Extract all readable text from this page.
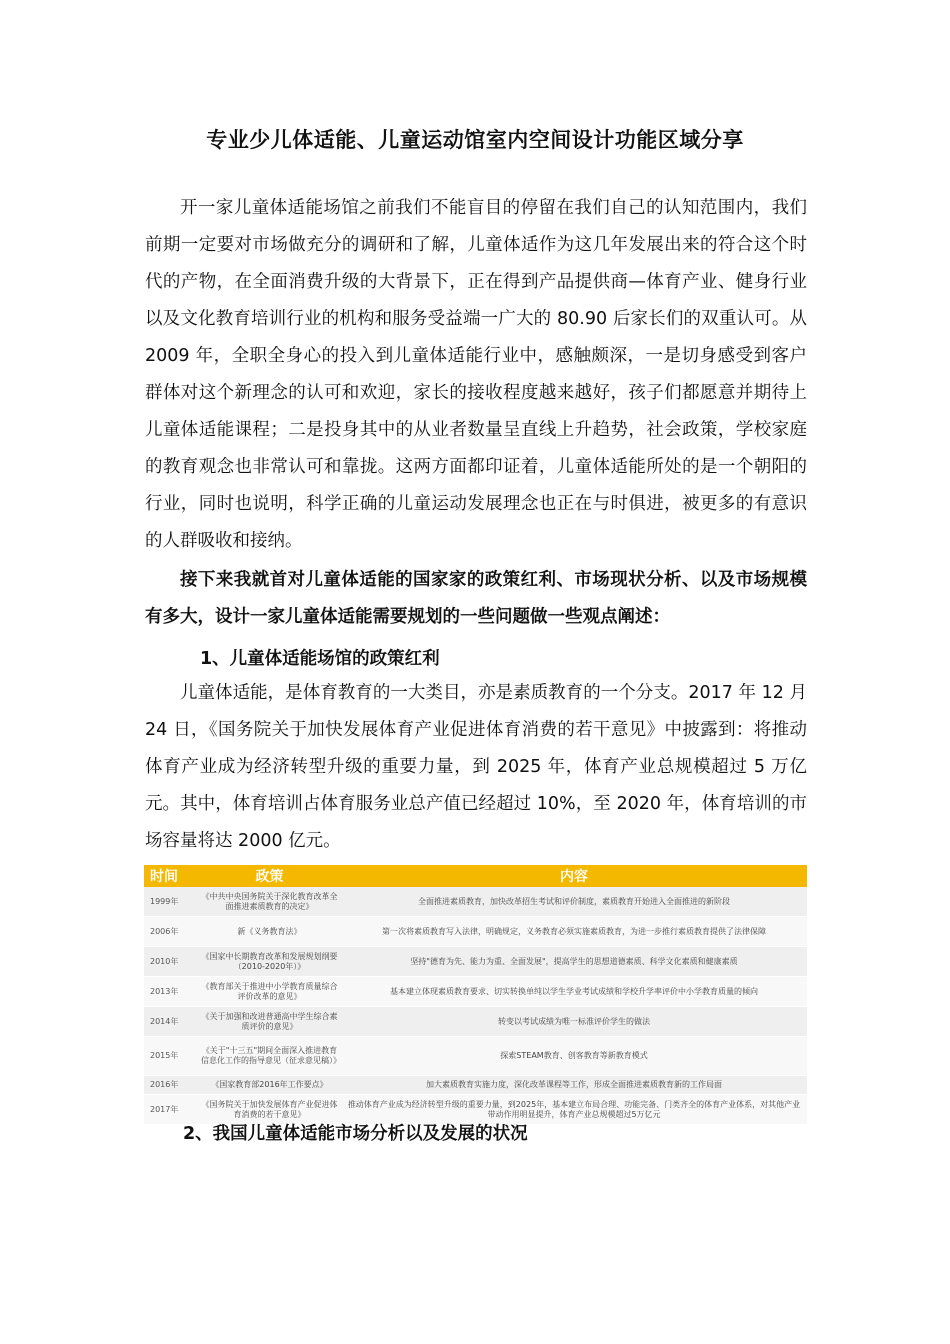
专业少儿体适能、儿童运动馆室内空间设计功能区域分享

开一家儿童体适能场馆之前我们不能盲目的停留在我们自己的认知范围内，我们前期一定要对市场做充分的调研和了解，儿童体适作为这几年发展出来的符合这个时代的产物，在全面消费升级的大背景下，正在得到产品提供商—体育产业、健身行业以及文化教育培训行业的机构和服务受益端一广大的 80.90 后家长们的双重认可。从 2009 年，全职全身心的投入到儿童体适能行业中，感触颇深，一是切身感受到客户群体对这个新理念的认可和欢迎，家长的接收程度越来越好，孩子们都愿意并期待上儿童体适能课程；二是投身其中的从业者数量呈直线上升趋势，社会政策，学校家庭的教育观念也非常认可和靠拢。这两方面都印证着，儿童体适能所处的是一个朝阳的行业，同时也说明，科学正确的儿童运动发展理念也正在与时俱进，被更多的有意识的人群吸收和接纳。

接下来我就首对儿童体适能的国家家的政策红利、市场现状分析、以及市场规模有多大，设计一家儿童体适能需要规划的一些问题做一些观点阐述：

1、儿童体适能场馆的政策红利

儿童体适能，是体育教育的一大类目，亦是素质教育的一个分支。2017 年 12 月 24 日，《国务院关于加快发展体育产业促进体育消费的若干意见》中披露到：将推动体育产业成为经济转型升级的重要力量，到 2025 年，体育产业总规模超过 5 万亿元。其中，体育培训占体育服务业总产值已经超过 10%，至 2020 年，体育培训的市场容量将达 2000 亿元。

时间	政策	内容
1999年	《中共中央国务院关于深化教育改革全面推进素质教育的决定》	全面推进素质教育，加快改革招生考试和评价制度，素质教育开始进入全面推进的新阶段
2006年	新《义务教育法》	第一次将素质教育写入法律，明确规定，义务教育必须实施素质教育，为进一步推行素质教育提供了法律保障
2010年	《国家中长期教育改革和发展规划纲要（2010-2020年）》	坚持"德育为先、能力为重、全面发展"，提高学生的思想道德素质、科学文化素质和健康素质
2013年	《教育部关于推进中小学教育质量综合评价改革的意见》	基本建立体现素质教育要求、切实转换单纯以学生学业考试成绩和学校升学率评价中小学教育质量的倾向
2014年	《关于加强和改进普通高中学生综合素质评价的意见》	转变以考试成绩为唯一标准评价学生的做法
2015年	《关于"十三五"期间全面深入推进教育信息化工作的指导意见（征求意见稿）》	探索STEAM教育、创客教育等新教育模式
2016年	《国家教育部2016年工作要点》	加大素质教育实施力度，深化改革课程等工作，形成全面推进素质教育新的工作局面
2017年	《国务院关于加快发展体育产业促进体育消费的若干意见》	推动体育产业成为经济转型升级的重要力量，到2025年，基本建立布局合理、功能完备、门类齐全的体育产业体系，对其他产业带动作用明显提升，体育产业总规模超过5万亿元
2、我国儿童体适能市场分析以及发展的状况
